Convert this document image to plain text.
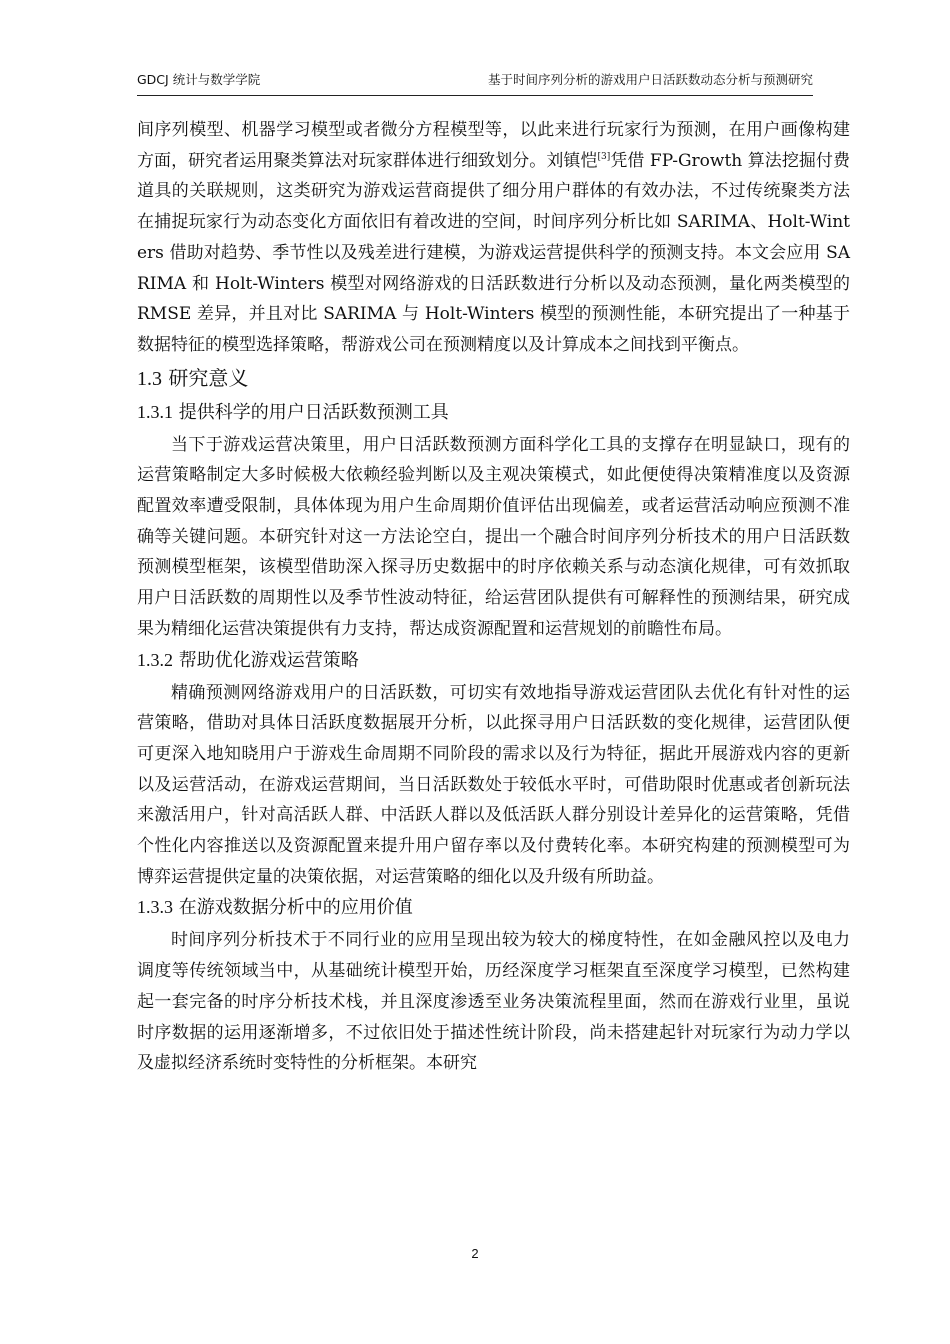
GDCJ 统计与数学学院	基于时间序列分析的游戏用户日活跃数动态分析与预测研究

间序列模型、机器学习模型或者微分方程模型等，以此来进行玩家行为预测，在用户画像构建方面，研究者运用聚类算法对玩家群体进行细致划分。刘镇恺[3]凭借 FP-Growth 算法挖掘付费道具的关联规则，这类研究为游戏运营商提供了细分用户群体的有效办法，不过传统聚类方法在捕捉玩家行为动态变化方面依旧有着改进的空间，时间序列分析比如 SARIMA、Holt-Winters 借助对趋势、季节性以及残差进行建模，为游戏运营提供科学的预测支持。本文会应用 SARIMA 和 Holt-Winters 模型对网络游戏的日活跃数进行分析以及动态预测，量化两类模型的 RMSE 差异，并且对比 SARIMA 与 Holt-Winters 模型的预测性能，本研究提出了一种基于数据特征的模型选择策略，帮游戏公司在预测精度以及计算成本之间找到平衡点。

1.3 研究意义
1.3.1 提供科学的用户日活跃数预测工具

当下于游戏运营决策里，用户日活跃数预测方面科学化工具的支撑存在明显缺口，现有的运营策略制定大多时候极大依赖经验判断以及主观决策模式，如此便使得决策精准度以及资源配置效率遭受限制，具体体现为用户生命周期价值评估出现偏差，或者运营活动响应预测不准确等关键问题。本研究针对这一方法论空白，提出一个融合时间序列分析技术的用户日活跃数预测模型框架，该模型借助深入探寻历史数据中的时序依赖关系与动态演化规律，可有效抓取用户日活跃数的周期性以及季节性波动特征，给运营团队提供有可解释性的预测结果，研究成果为精细化运营决策提供有力支持，帮达成资源配置和运营规划的前瞻性布局。

1.3.2 帮助优化游戏运营策略

精确预测网络游戏用户的日活跃数，可切实有效地指导游戏运营团队去优化有针对性的运营策略，借助对具体日活跃度数据展开分析，以此探寻用户日活跃数的变化规律，运营团队便可更深入地知晓用户于游戏生命周期不同阶段的需求以及行为特征，据此开展游戏内容的更新以及运营活动，在游戏运营期间，当日活跃数处于较低水平时，可借助限时优惠或者创新玩法来激活用户，针对高活跃人群、中活跃人群以及低活跃人群分别设计差异化的运营策略，凭借个性化内容推送以及资源配置来提升用户留存率以及付费转化率。本研究构建的预测模型可为博弈运营提供定量的决策依据，对运营策略的细化以及升级有所助益。

1.3.3 在游戏数据分析中的应用价值

时间序列分析技术于不同行业的应用呈现出较为较大的梯度特性，在如金融风控以及电力调度等传统领域当中，从基础统计模型开始，历经深度学习框架直至深度学习模型，已然构建起一套完备的时序分析技术栈，并且深度渗透至业务决策流程里面，然而在游戏行业里，虽说时序数据的运用逐渐增多，不过依旧处于描述性统计阶段，尚未搭建起针对玩家行为动力学以及虚拟经济系统时变特性的分析框架。本研究

2
